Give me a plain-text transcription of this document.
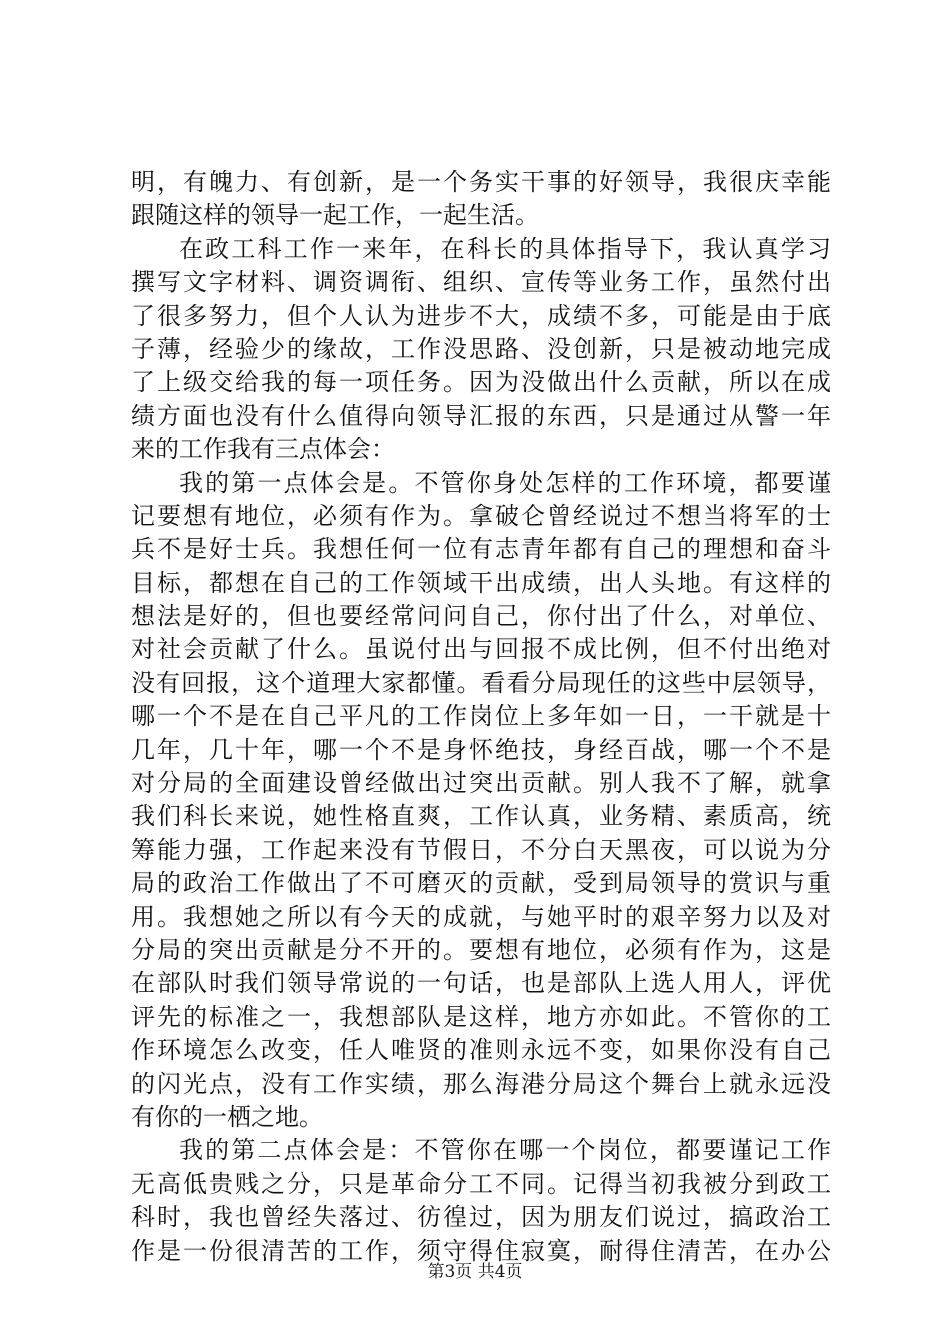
明，有魄力、有创新，是一个务实干事的好领导，我很庆幸能
跟随这样的领导一起工作，一起生活。
在政工科工作一来年，在科长的具体指导下，我认真学习
撰写文字材料、调资调衔、组织、宣传等业务工作，虽然付出
了很多努力，但个人认为进步不大，成绩不多，可能是由于底
子薄，经验少的缘故，工作没思路、没创新，只是被动地完成
了上级交给我的每一项任务。因为没做出什么贡献，所以在成
绩方面也没有什么值得向领导汇报的东西，只是通过从警一年
来的工作我有三点体会：
我的第一点体会是。不管你身处怎样的工作环境，都要谨
记要想有地位，必须有作为。拿破仑曾经说过不想当将军的士
兵不是好士兵。我想任何一位有志青年都有自己的理想和奋斗
目标，都想在自己的工作领域干出成绩，出人头地。有这样的
想法是好的，但也要经常问问自己，你付出了什么，对单位、
对社会贡献了什么。虽说付出与回报不成比例，但不付出绝对
没有回报，这个道理大家都懂。看看分局现任的这些中层领导，
哪一个不是在自己平凡的工作岗位上多年如一日，一干就是十
几年，几十年，哪一个不是身怀绝技，身经百战，哪一个不是
对分局的全面建设曾经做出过突出贡献。别人我不了解，就拿
我们科长来说，她性格直爽，工作认真，业务精、素质高，统
筹能力强，工作起来没有节假日，不分白天黑夜，可以说为分
局的政治工作做出了不可磨灭的贡献，受到局领导的赏识与重
用。我想她之所以有今天的成就，与她平时的艰辛努力以及对
分局的突出贡献是分不开的。要想有地位，必须有作为，这是
在部队时我们领导常说的一句话，也是部队上选人用人，评优
评先的标准之一，我想部队是这样，地方亦如此。不管你的工
作环境怎么改变，任人唯贤的准则永远不变，如果你没有自己
的闪光点，没有工作实绩，那么海港分局这个舞台上就永远没
有你的一栖之地。
我的第二点体会是：不管你在哪一个岗位，都要谨记工作
无高低贵贱之分，只是革命分工不同。记得当初我被分到政工
科时，我也曾经失落过、彷徨过，因为朋友们说过，搞政治工
作是一份很清苦的工作，须守得住寂寞，耐得住清苦，在办公
第3页 共4页
